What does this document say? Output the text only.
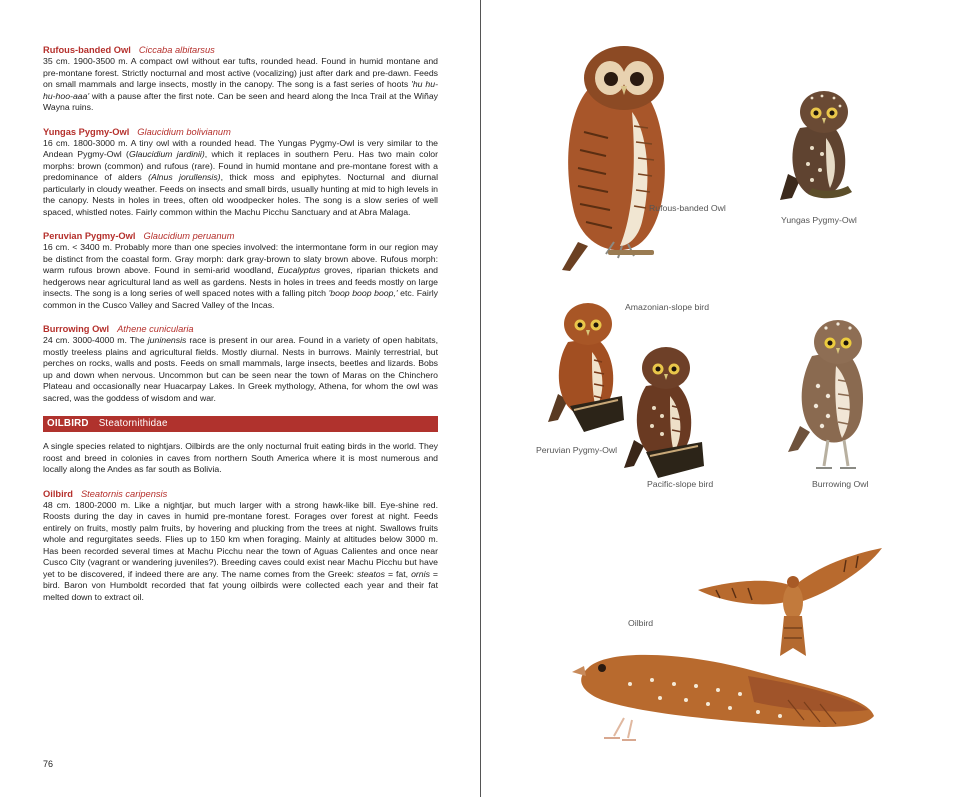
Rufous-banded Owl Ciccaba albitarsus

35 cm. 1900-3500 m. A compact owl without ear tufts, rounded head. Found in humid montane and pre-montane forest. Strictly nocturnal and most active (vocalizing) just after dark and pre-dawn. Feeds on small mammals and large insects, mostly in the canopy. The song is a fast series of hoots 'hu hu-hu-hoo-aaa' with a pause after the first note. Can be seen and heard along the Inca Trail at the Wiñay Wayna ruins.

Yungas Pygmy-Owl Glaucidium bolivianum

16 cm. 1800-3000 m. A tiny owl with a rounded head. The Yungas Pygmy-Owl is very similar to the Andean Pygmy-Owl (Glaucidium jardinii), which it replaces in southern Peru. Has two main color morphs: brown (common) and rufous (rare). Found in humid montane and pre-montane forest with a predominance of alders (Alnus jorullensis), thick moss and epiphytes. Nocturnal and diurnal particularly in cloudy weather. Feeds on insects and small birds, usually hunting at mid to high levels in the canopy. Nests in holes in trees, often old woodpecker holes. The song is a slow series of well spaced, whistled notes. Fairly common within the Machu Picchu Sanctuary and at Abra Malaga.

Peruvian Pygmy-Owl Glaucidium peruanum

16 cm. < 3400 m. Probably more than one species involved: the intermontane form in our region may be distinct from the coastal form. Gray morph: dark gray-brown to slaty brown above. Rufous morph: warm rufous brown above. Found in semi-arid woodland, Eucalyptus groves, riparian thickets and hedgerows near agricultural land as well as gardens. Nests in holes in trees and feeds mostly on large insects. The song is a long series of well spaced notes with a falling pitch 'boop boop boop,' etc. Fairly common in the Cusco Valley and Sacred Valley of the Incas.

Burrowing Owl Athene cunicularia

24 cm. 3000-4000 m. The juninensis race is present in our area. Found in a variety of open habitats, mostly treeless plains and agricultural fields. Mostly diurnal. Nests in burrows. Mainly terrestrial, but perches on rocks, walls and posts. Feeds on small mammals, large insects, beetles and lizards. Bobs up and down when nervous. Uncommon but can be seen near the town of Maras on the Chinchero Plateau and occasionally near Huacarpay Lakes. In Greek mythology, Athena, for whom the owl was sacred, was the goddess of wisdom and war.

OILBIRD Steatornithidae

A single species related to nightjars. Oilbirds are the only nocturnal fruit eating birds in the world. They roost and breed in colonies in caves from northern South America where it is most numerous and locally along the Andes as far south as Bolivia.

Oilbird Steatornis caripensis

48 cm. 1800-2000 m. Like a nightjar, but much larger with a strong hawk-like bill. Eye-shine red. Roosts during the day in caves in humid pre-montane forest. Forages over forest at night. Feeds entirely on fruits, mostly palm fruits, by hovering and plucking from the trees at night. Swallows fruits whole and regurgitates seeds. Flies up to 150 km when foraging. Mainly at altitudes below 3000 m. Has been recorded several times at Machu Picchu near the town of Aguas Calientes and once near Cusco City (vagrant or wandering juveniles?). Breeding caves could exist near Machu Picchu but have yet to be discovered, if indeed there are any. The name comes from the Greek: steatos = fat, ornis = bird. Baron von Humboldt recorded that fat young oilbirds were collected each year and their fat melted down to extract oil.

76
Rufous-banded Owl
Yungas Pygmy-Owl
Amazonian-slope bird
Peruvian Pygmy-Owl
Pacific-slope bird	Burrowing Owl
Oilbird
